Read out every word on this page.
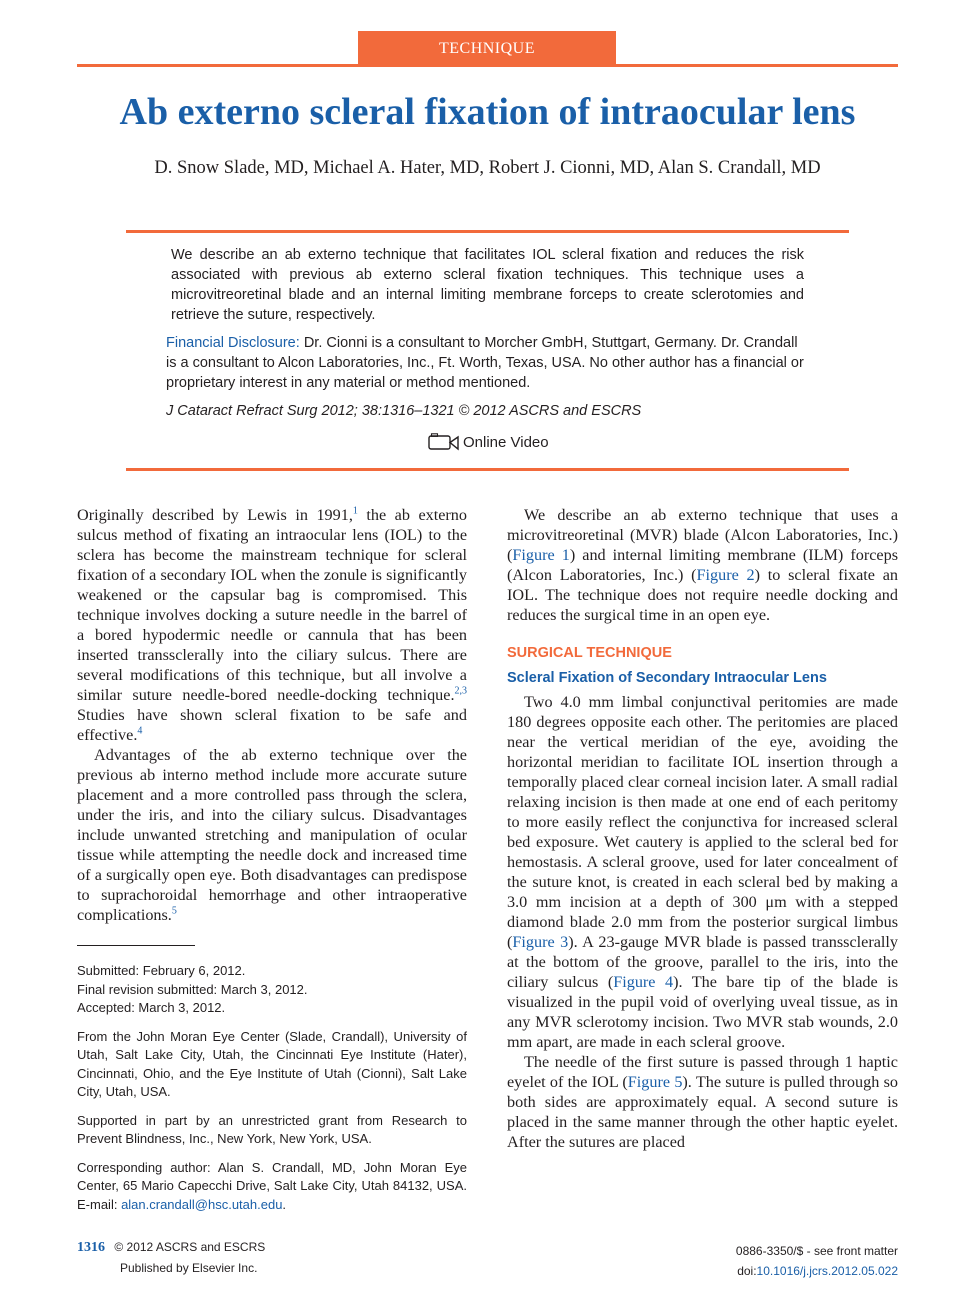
TECHNIQUE
Ab externo scleral fixation of intraocular lens
D. Snow Slade, MD, Michael A. Hater, MD, Robert J. Cionni, MD, Alan S. Crandall, MD
We describe an ab externo technique that facilitates IOL scleral fixation and reduces the risk associated with previous ab externo scleral fixation techniques. This technique uses a microvitreoretinal blade and an internal limiting membrane forceps to create sclerotomies and retrieve the suture, respectively.
Financial Disclosure: Dr. Cionni is a consultant to Morcher GmbH, Stuttgart, Germany. Dr. Crandall is a consultant to Alcon Laboratories, Inc., Ft. Worth, Texas, USA. No other author has a financial or proprietary interest in any material or method mentioned.
J Cataract Refract Surg 2012; 38:1316–1321 © 2012 ASCRS and ESCRS
Online Video

Originally described by Lewis in 1991,$^1$ the ab externo sulcus method of fixating an intraocular lens (IOL) to the sclera has become the mainstream technique for scleral fixation of a secondary IOL when the zonule is significantly weakened or the capsular bag is compromised. This technique involves docking a suture needle in the barrel of a bored hypodermic needle or cannula that has been inserted transsclerally into the ciliary sulcus. There are several modifications of this technique, but all involve a similar suture needle-bored needle-docking technique.$^{2,3}$ Studies have shown scleral fixation to be safe and effective.$^4$

Advantages of the ab externo technique over the previous ab interno method include more accurate suture placement and a more controlled pass through the sclera, under the iris, and into the ciliary sulcus. Disadvantages include unwanted stretching and manipulation of ocular tissue while attempting the needle dock and increased time of a surgically open eye. Both disadvantages can predispose to suprachoroidal hemorrhage and other intraoperative complications.$^5$

Submitted: February 6, 2012.
Final revision submitted: March 3, 2012.
Accepted: March 3, 2012.

From the John Moran Eye Center (Slade, Crandall), University of Utah, Salt Lake City, Utah, the Cincinnati Eye Institute (Hater), Cincinnati, Ohio, and the Eye Institute of Utah (Cionni), Salt Lake City, Utah, USA.

Supported in part by an unrestricted grant from Research to Prevent Blindness, Inc., New York, New York, USA.

Corresponding author: Alan S. Crandall, MD, John Moran Eye Center, 65 Mario Capecchi Drive, Salt Lake City, Utah 84132, USA. E-mail: alan.crandall@hsc.utah.edu.

We describe an ab externo technique that uses a microvitreoretinal (MVR) blade (Alcon Laboratories, Inc.) (Figure 1) and internal limiting membrane (ILM) forceps (Alcon Laboratories, Inc.) (Figure 2) to scleral fixate an IOL. The technique does not require needle docking and reduces the surgical time in an open eye.

SURGICAL TECHNIQUE

Scleral Fixation of Secondary Intraocular Lens

Two 4.0 mm limbal conjunctival peritomies are made 180 degrees opposite each other. The peritomies are placed near the vertical meridian of the eye, avoiding the horizontal meridian to facilitate IOL insertion through a temporally placed clear corneal incision later. A small radial relaxing incision is then made at one end of each peritomy to more easily reflect the conjunctiva for increased scleral bed exposure. Wet cautery is applied to the scleral bed for hemostasis. A scleral groove, used for later concealment of the suture knot, is created in each scleral bed by making a 3.0 mm incision at a depth of 300 μm with a stepped diamond blade 2.0 mm from the posterior surgical limbus (Figure 3). A 23-gauge MVR blade is passed transsclerally at the bottom of the groove, parallel to the iris, into the ciliary sulcus (Figure 4). The bare tip of the blade is visualized in the pupil void of overlying uveal tissue, as in any MVR sclerotomy incision. Two MVR stab wounds, 2.0 mm apart, are made in each scleral groove.

The needle of the first suture is passed through 1 haptic eyelet of the IOL (Figure 5). The suture is pulled through so both sides are approximately equal. A second suture is placed in the same manner through the other haptic eyelet. After the sutures are placed

1316 © 2012 ASCRS and ESCRS
Published by Elsevier Inc.
0886-3350/$ - see front matter
doi:10.1016/j.jcrs.2012.05.022
